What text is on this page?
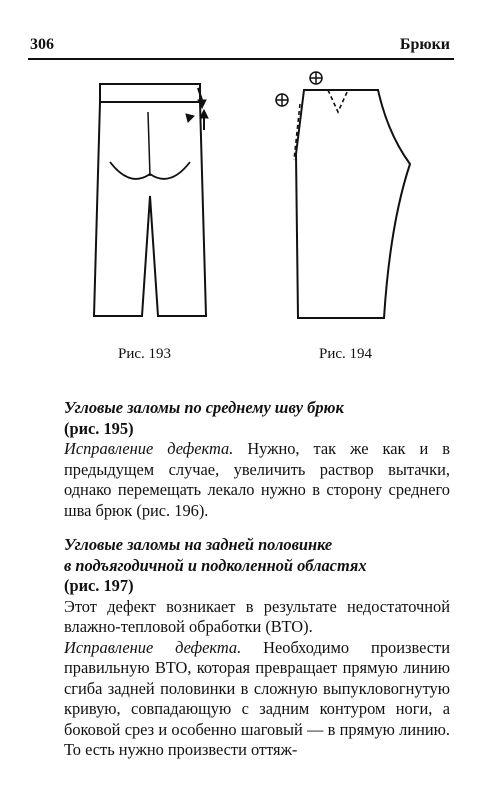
306	Брюки
Рис. 193	Рис. 194

Угловые заломы по среднему шву брюк

(рис. 195)

Исправление дефекта. Нужно, так же как и в предыдущем случае, увеличить раствор вытачки, однако перемещать лекало нужно в сторону среднего шва брюк (рис. 196).

Угловые заломы на задней половинке

в подъягодичной и подколенной областях

(рис. 197)

Этот дефект возникает в результате недостаточной влажно-тепловой обработки (ВТО).

Исправление дефекта. Необходимо произвести правильную ВТО, которая превращает прямую линию сгиба задней половинки в сложную выпукловогнутую кривую, совпадающую с задним контуром ноги, а боковой срез и особенно шаговый — в прямую линию. То есть нужно произвести оттяж-
